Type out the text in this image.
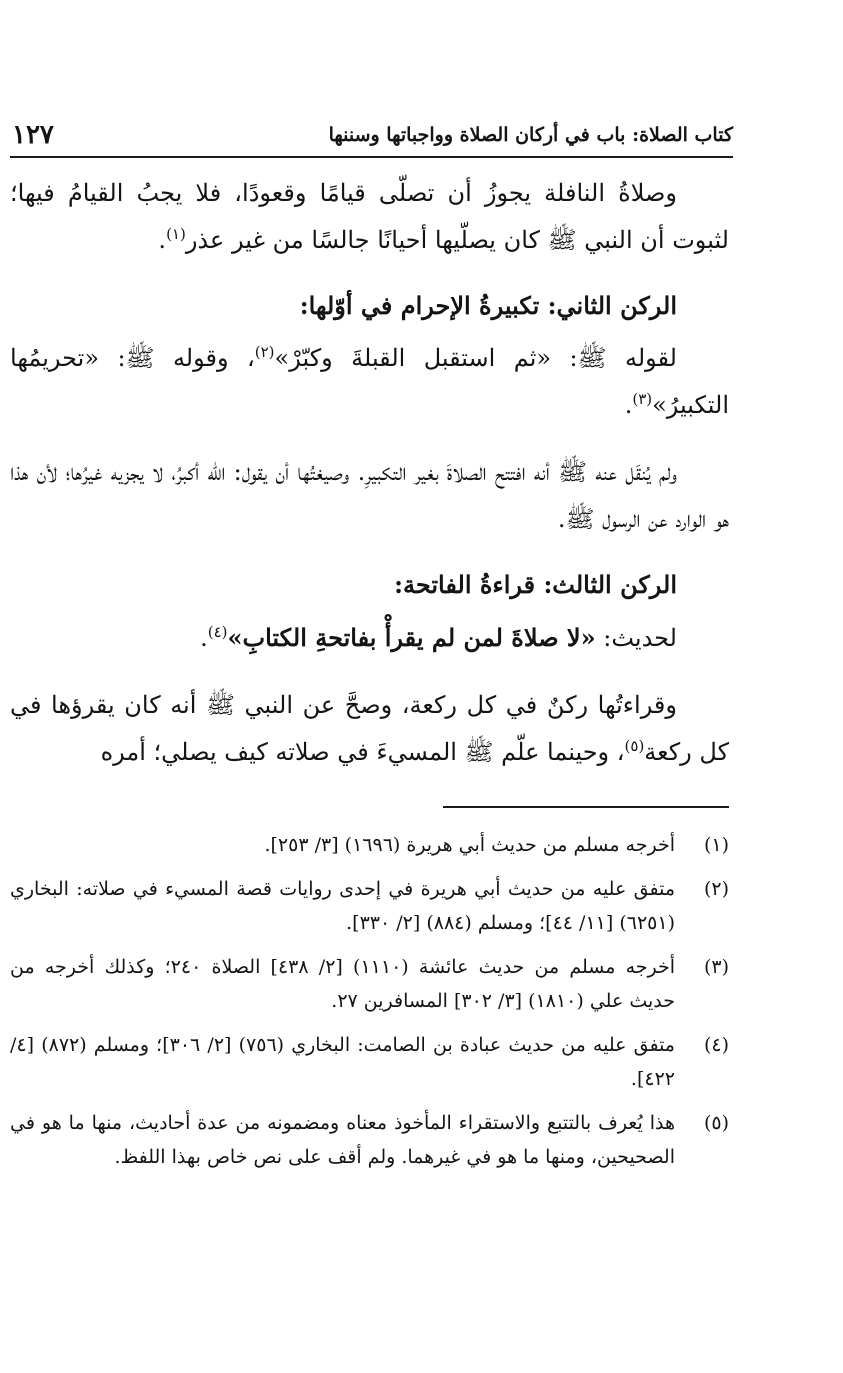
كتاب الصلاة: باب في أركان الصلاة وواجباتها وسننها
١٢٧

وصلاةُ النافلة يجوزُ أن تصلّى قيامًا وقعودًا، فلا يجبُ القيامُ فيها؛ لثبوت أن النبي ﷺ كان يصلّيها أحيانًا جالسًا من غير عذر$^{(١)}$.

الركن الثاني: تكبيرةُ الإحرام في أوّلها:

لقوله ﷺ: «ثم استقبل القبلةَ وكبّرْ»$^{(٢)}$، وقوله ﷺ: «تحريمُها التكبيرُ»$^{(٣)}$.

ولم يُنقَل عنه ﷺ أنه افتتح الصلاةَ بغير التكبيرِ. وصيغتُها أن يقول: الله أكبرُ، لا يجزيه غيرُها؛ لأن هذا هو الوارد عن الرسول ﷺ.

الركن الثالث: قراءةُ الفاتحة:

لحديث: «لا صلاةَ لمن لم يقرأْ بفاتحةِ الكتابِ»$^{(٤)}$.

وقراءتُها ركنٌ في كل ركعة، وصحَّ عن النبي ﷺ أنه كان يقرؤها في كل ركعة$^{(٥)}$، وحينما علّم ﷺ المسيءَ في صلاته كيف يصلي؛ أمره

(١)
أخرجه مسلم من حديث أبي هريرة (١٦٩٦) [٣/ ٢٥٣].
(٢)
متفق عليه من حديث أبي هريرة في إحدى روايات قصة المسيء في صلاته: البخاري (٦٢٥١) [١١/ ٤٤]؛ ومسلم (٨٨٤) [٢/ ٣٣٠].
(٣)
أخرجه مسلم من حديث عائشة (١١١٠) [٢/ ٤٣٨] الصلاة ٢٤٠؛ وكذلك أخرجه من حديث علي (١٨١٠) [٣/ ٣٠٢] المسافرين ٢٧.
(٤)
متفق عليه من حديث عبادة بن الصامت: البخاري (٧٥٦) [٢/ ٣٠٦]؛ ومسلم (٨٧٢) [٤/ ٤٢٢].
(٥)
هذا يُعرف بالتتبع والاستقراء المأخوذ معناه ومضمونه من عدة أحاديث، منها ما هو في الصحيحين، ومنها ما هو في غيرهما. ولم أقف على نص خاص بهذا اللفظ.
